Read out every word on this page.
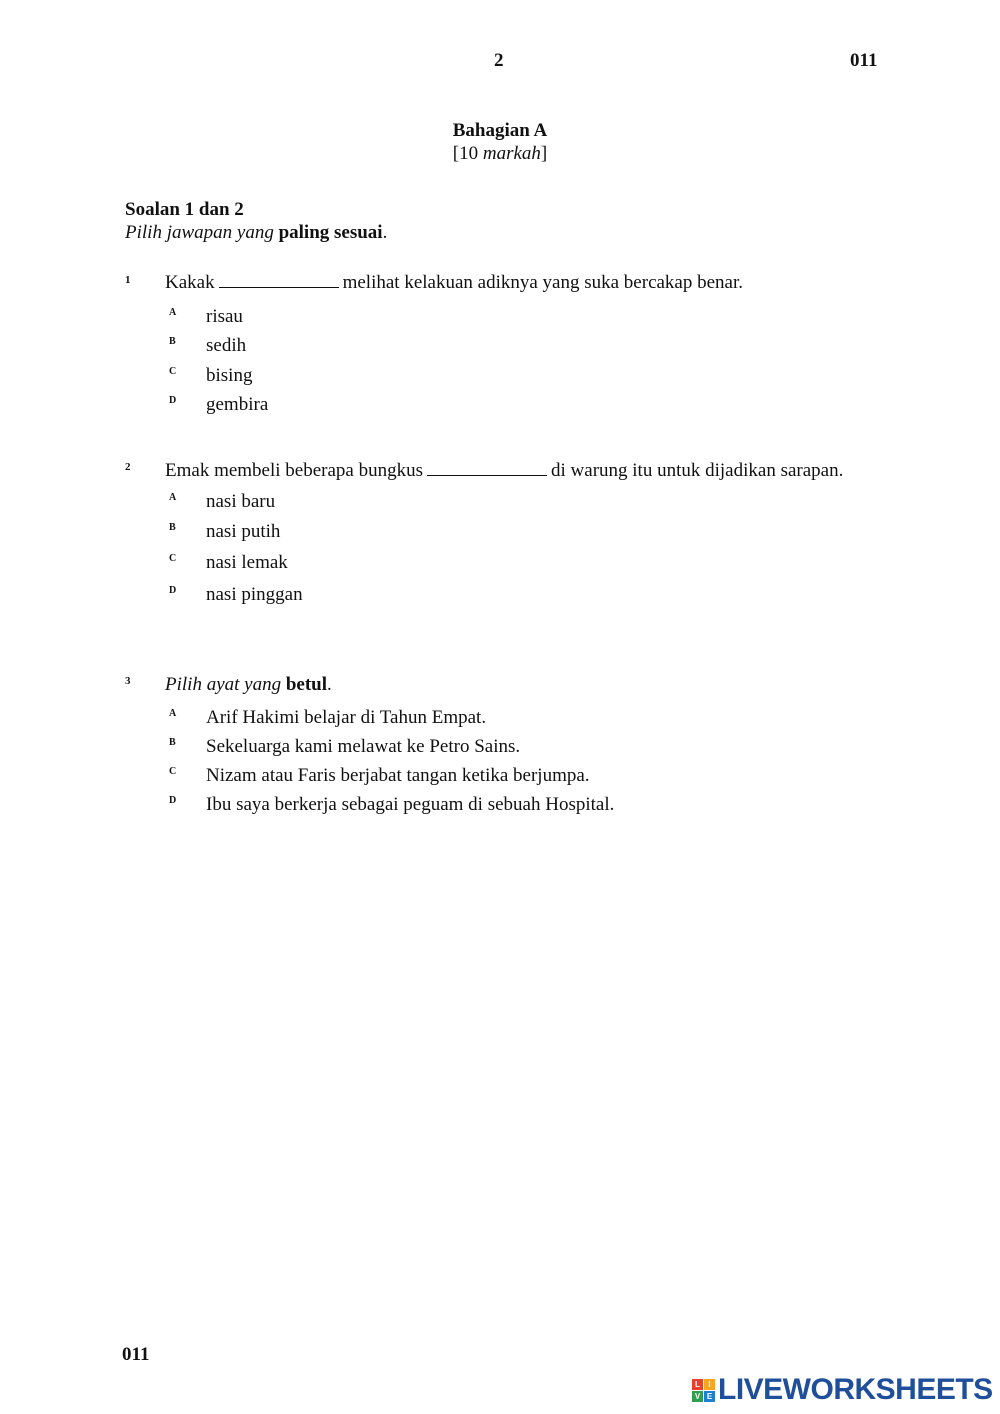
2	011
Bahagian A
[10 markah]
Soalan 1 dan 2
Pilih jawapan yang paling sesuai.
1 Kakak	melihat kelakuan adiknya yang suka bercakap benar.
A risau
B sedih
C bising
D gembira
2 Emak membeli beberapa bungkus	di warung itu untuk dijadikan sarapan.
A nasi baru
B nasi putih
C nasi lemak
D nasi pinggan
3 Pilih ayat yang betul.
A Arif Hakimi belajar di Tahun Empat.
B Sekeluarga kami melawat ke Petro Sains.
C Nizam atau Faris berjabat tangan ketika berjumpa.
D Ibu saya berkerja sebagai peguam di sebuah Hospital.
011
L	I
V E LIVEWORKSHEETS
